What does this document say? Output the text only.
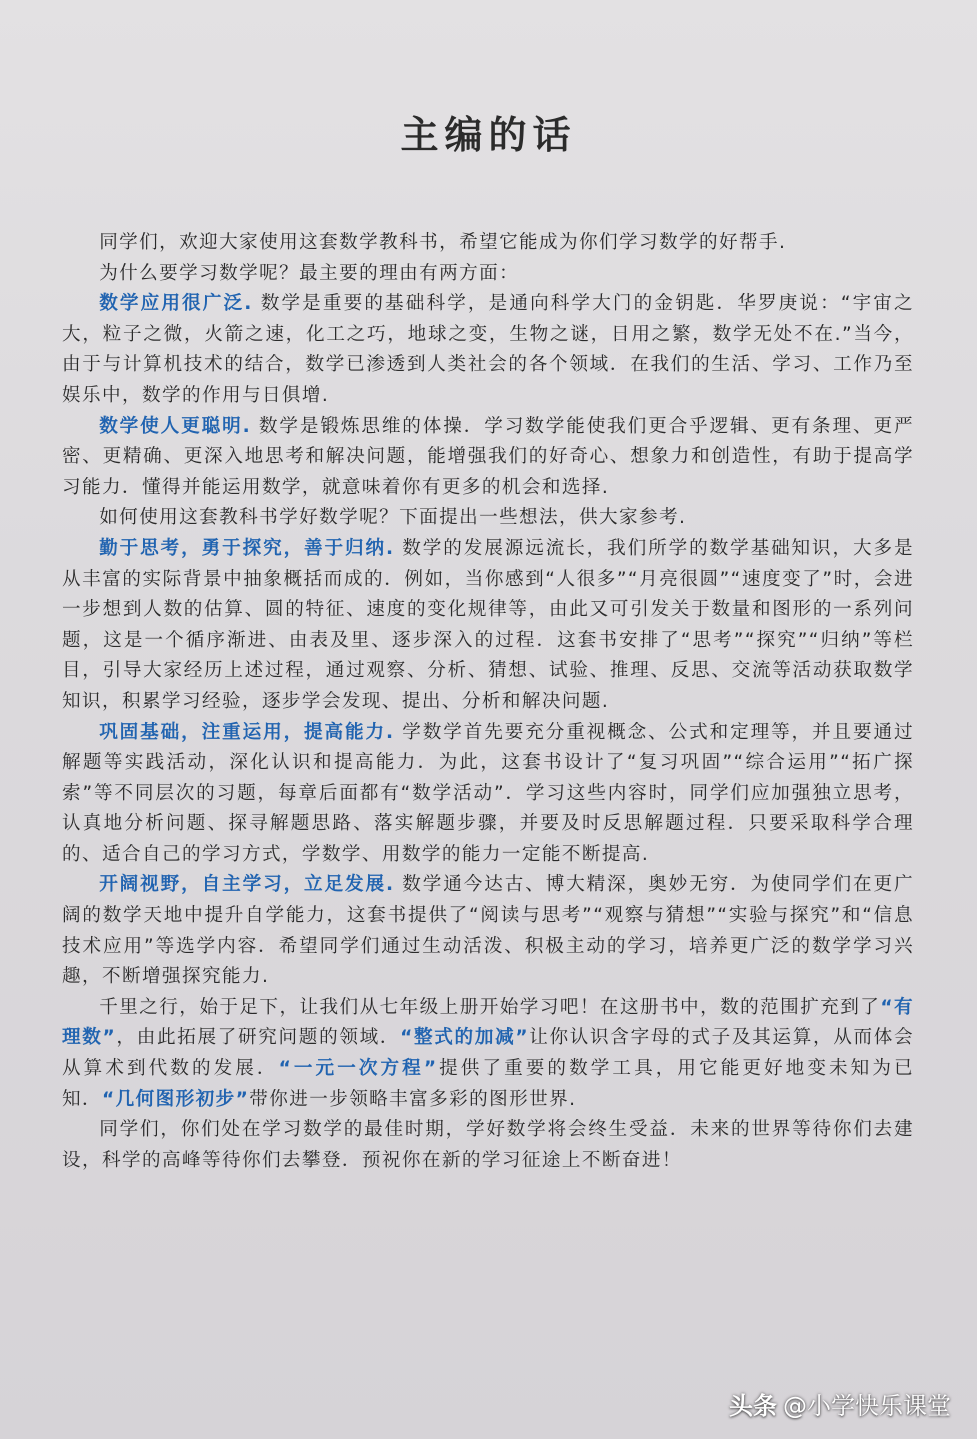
主编的话

同学们，欢迎大家使用这套数学教科书，希望它能成为你们学习数学的好帮手.

为什么要学习数学呢？最主要的理由有两方面：

数学应用很广泛. 数学是重要的基础科学，是通向科学大门的金钥匙．华罗庚说：“宇宙之大，粒子之微，火箭之速，化工之巧，地球之变，生物之谜，日用之繁，数学无处不在.”当今，由于与计算机技术的结合，数学已渗透到人类社会的各个领域．在我们的生活、学习、工作乃至娱乐中，数学的作用与日俱增.

数学使人更聪明. 数学是锻炼思维的体操．学习数学能使我们更合乎逻辑、更有条理、更严密、更精确、更深入地思考和解决问题，能增强我们的好奇心、想象力和创造性，有助于提高学习能力．懂得并能运用数学，就意味着你有更多的机会和选择.

如何使用这套教科书学好数学呢？下面提出一些想法，供大家参考.

勤于思考，勇于探究，善于归纳. 数学的发展源远流长，我们所学的数学基础知识，大多是从丰富的实际背景中抽象概括而成的．例如，当你感到“人很多”“月亮很圆”“速度变了”时，会进一步想到人数的估算、圆的特征、速度的变化规律等，由此又可引发关于数量和图形的一系列问题，这是一个循序渐进、由表及里、逐步深入的过程．这套书安排了“思考”“探究”“归纳”等栏目，引导大家经历上述过程，通过观察、分析、猜想、试验、推理、反思、交流等活动获取数学知识，积累学习经验，逐步学会发现、提出、分析和解决问题.

巩固基础，注重运用，提高能力. 学数学首先要充分重视概念、公式和定理等，并且要通过解题等实践活动，深化认识和提高能力．为此，这套书设计了“复习巩固”“综合运用”“拓广探索”等不同层次的习题，每章后面都有“数学活动”．学习这些内容时，同学们应加强独立思考，认真地分析问题、探寻解题思路、落实解题步骤，并要及时反思解题过程．只要采取科学合理的、适合自己的学习方式，学数学、用数学的能力一定能不断提高.

开阔视野，自主学习，立足发展. 数学通今达古、博大精深，奥妙无穷．为使同学们在更广阔的数学天地中提升自学能力，这套书提供了“阅读与思考”“观察与猜想”“实验与探究”和“信息技术应用”等选学内容．希望同学们通过生动活泼、积极主动的学习，培养更广泛的数学学习兴趣，不断增强探究能力.

千里之行，始于足下，让我们从七年级上册开始学习吧！在这册书中，数的范围扩充到了“有理数”，由此拓展了研究问题的领域．“整式的加减”让你认识含字母的式子及其运算，从而体会从算术到代数的发展．“一元一次方程”提供了重要的数学工具，用它能更好地变未知为已知．“几何图形初步”带你进一步领略丰富多彩的图形世界.

同学们，你们处在学习数学的最佳时期，学好数学将会终生受益．未来的世界等待你们去建设，科学的高峰等待你们去攀登．预祝你在新的学习征途上不断奋进！

头条 @小学快乐课堂
